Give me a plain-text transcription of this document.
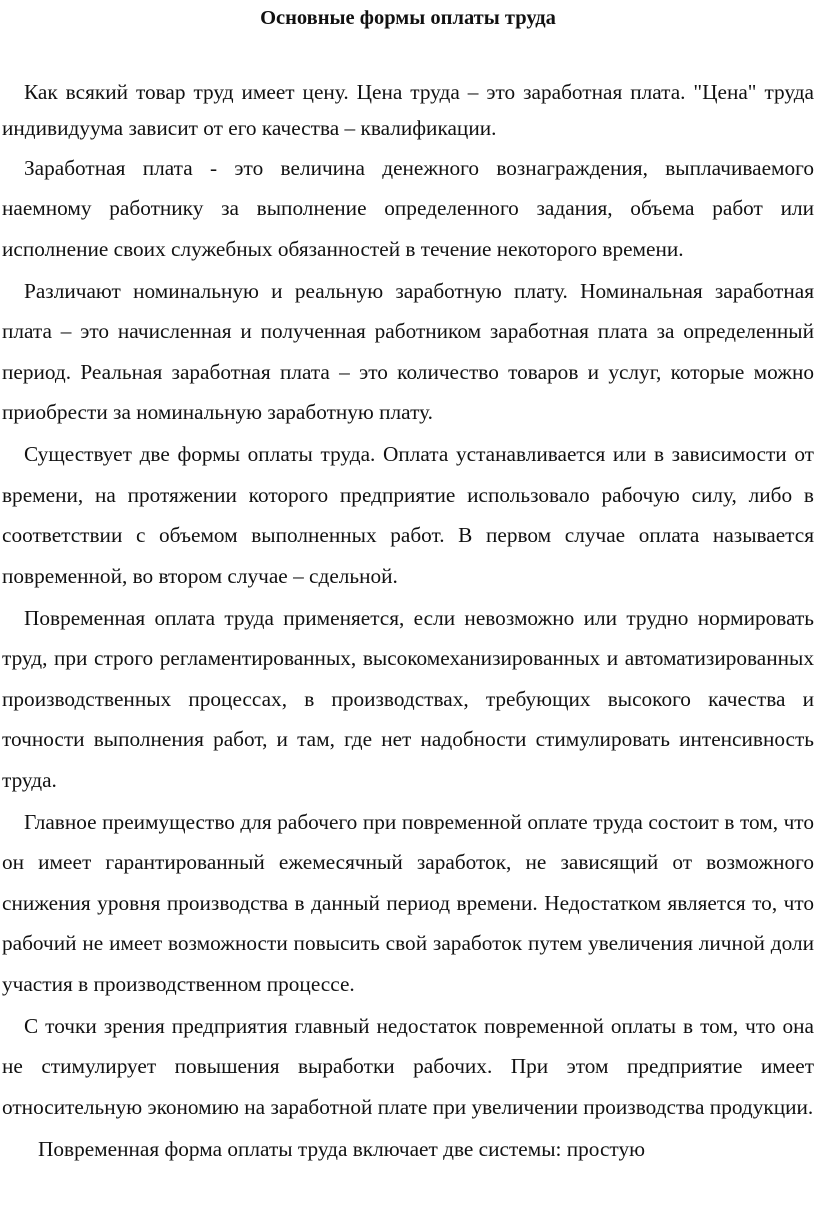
Основные формы оплаты труда

Как всякий товар труд имеет цену. Цена труда – это заработная плата. "Цена" труда индивидуума зависит от его качества – квалификации.

Заработная плата - это величина денежного вознаграждения, выплачиваемого наемному работнику за выполнение определенного задания, объема работ или исполнение своих служебных обязанностей в течение некоторого времени.

Различают номинальную и реальную заработную плату. Номинальная заработная плата – это начисленная и полученная работником заработная плата за определенный период. Реальная заработная плата – это количество товаров и услуг, которые можно приобрести за номинальную заработную плату.

Существует две формы оплаты труда. Оплата устанавливается или в зависимости от времени, на протяжении которого предприятие использовало рабочую силу, либо в соответствии с объемом выполненных работ. В первом случае оплата называется повременной, во втором случае – сдельной.

Повременная оплата труда применяется, если невозможно или трудно нормировать труд, при строго регламентированных, высокомеханизированных и автоматизированных производственных процессах, в производствах, требующих высокого качества и точности выполнения работ, и там, где нет надобности стимулировать интенсивность труда.

Главное преимущество для рабочего при повременной оплате труда состоит в том, что он имеет гарантированный ежемесячный заработок, не зависящий от возможного снижения уровня производства в данный период времени. Недостатком является то, что рабочий не имеет возможности повысить свой заработок путем увеличения личной доли участия в производственном процессе.

С точки зрения предприятия главный недостаток повременной оплаты в том, что она не стимулирует повышения выработки рабочих. При этом предприятие имеет относительную экономию на заработной плате при увеличении производства продукции.

Повременная форма оплаты труда включает две системы: простую
